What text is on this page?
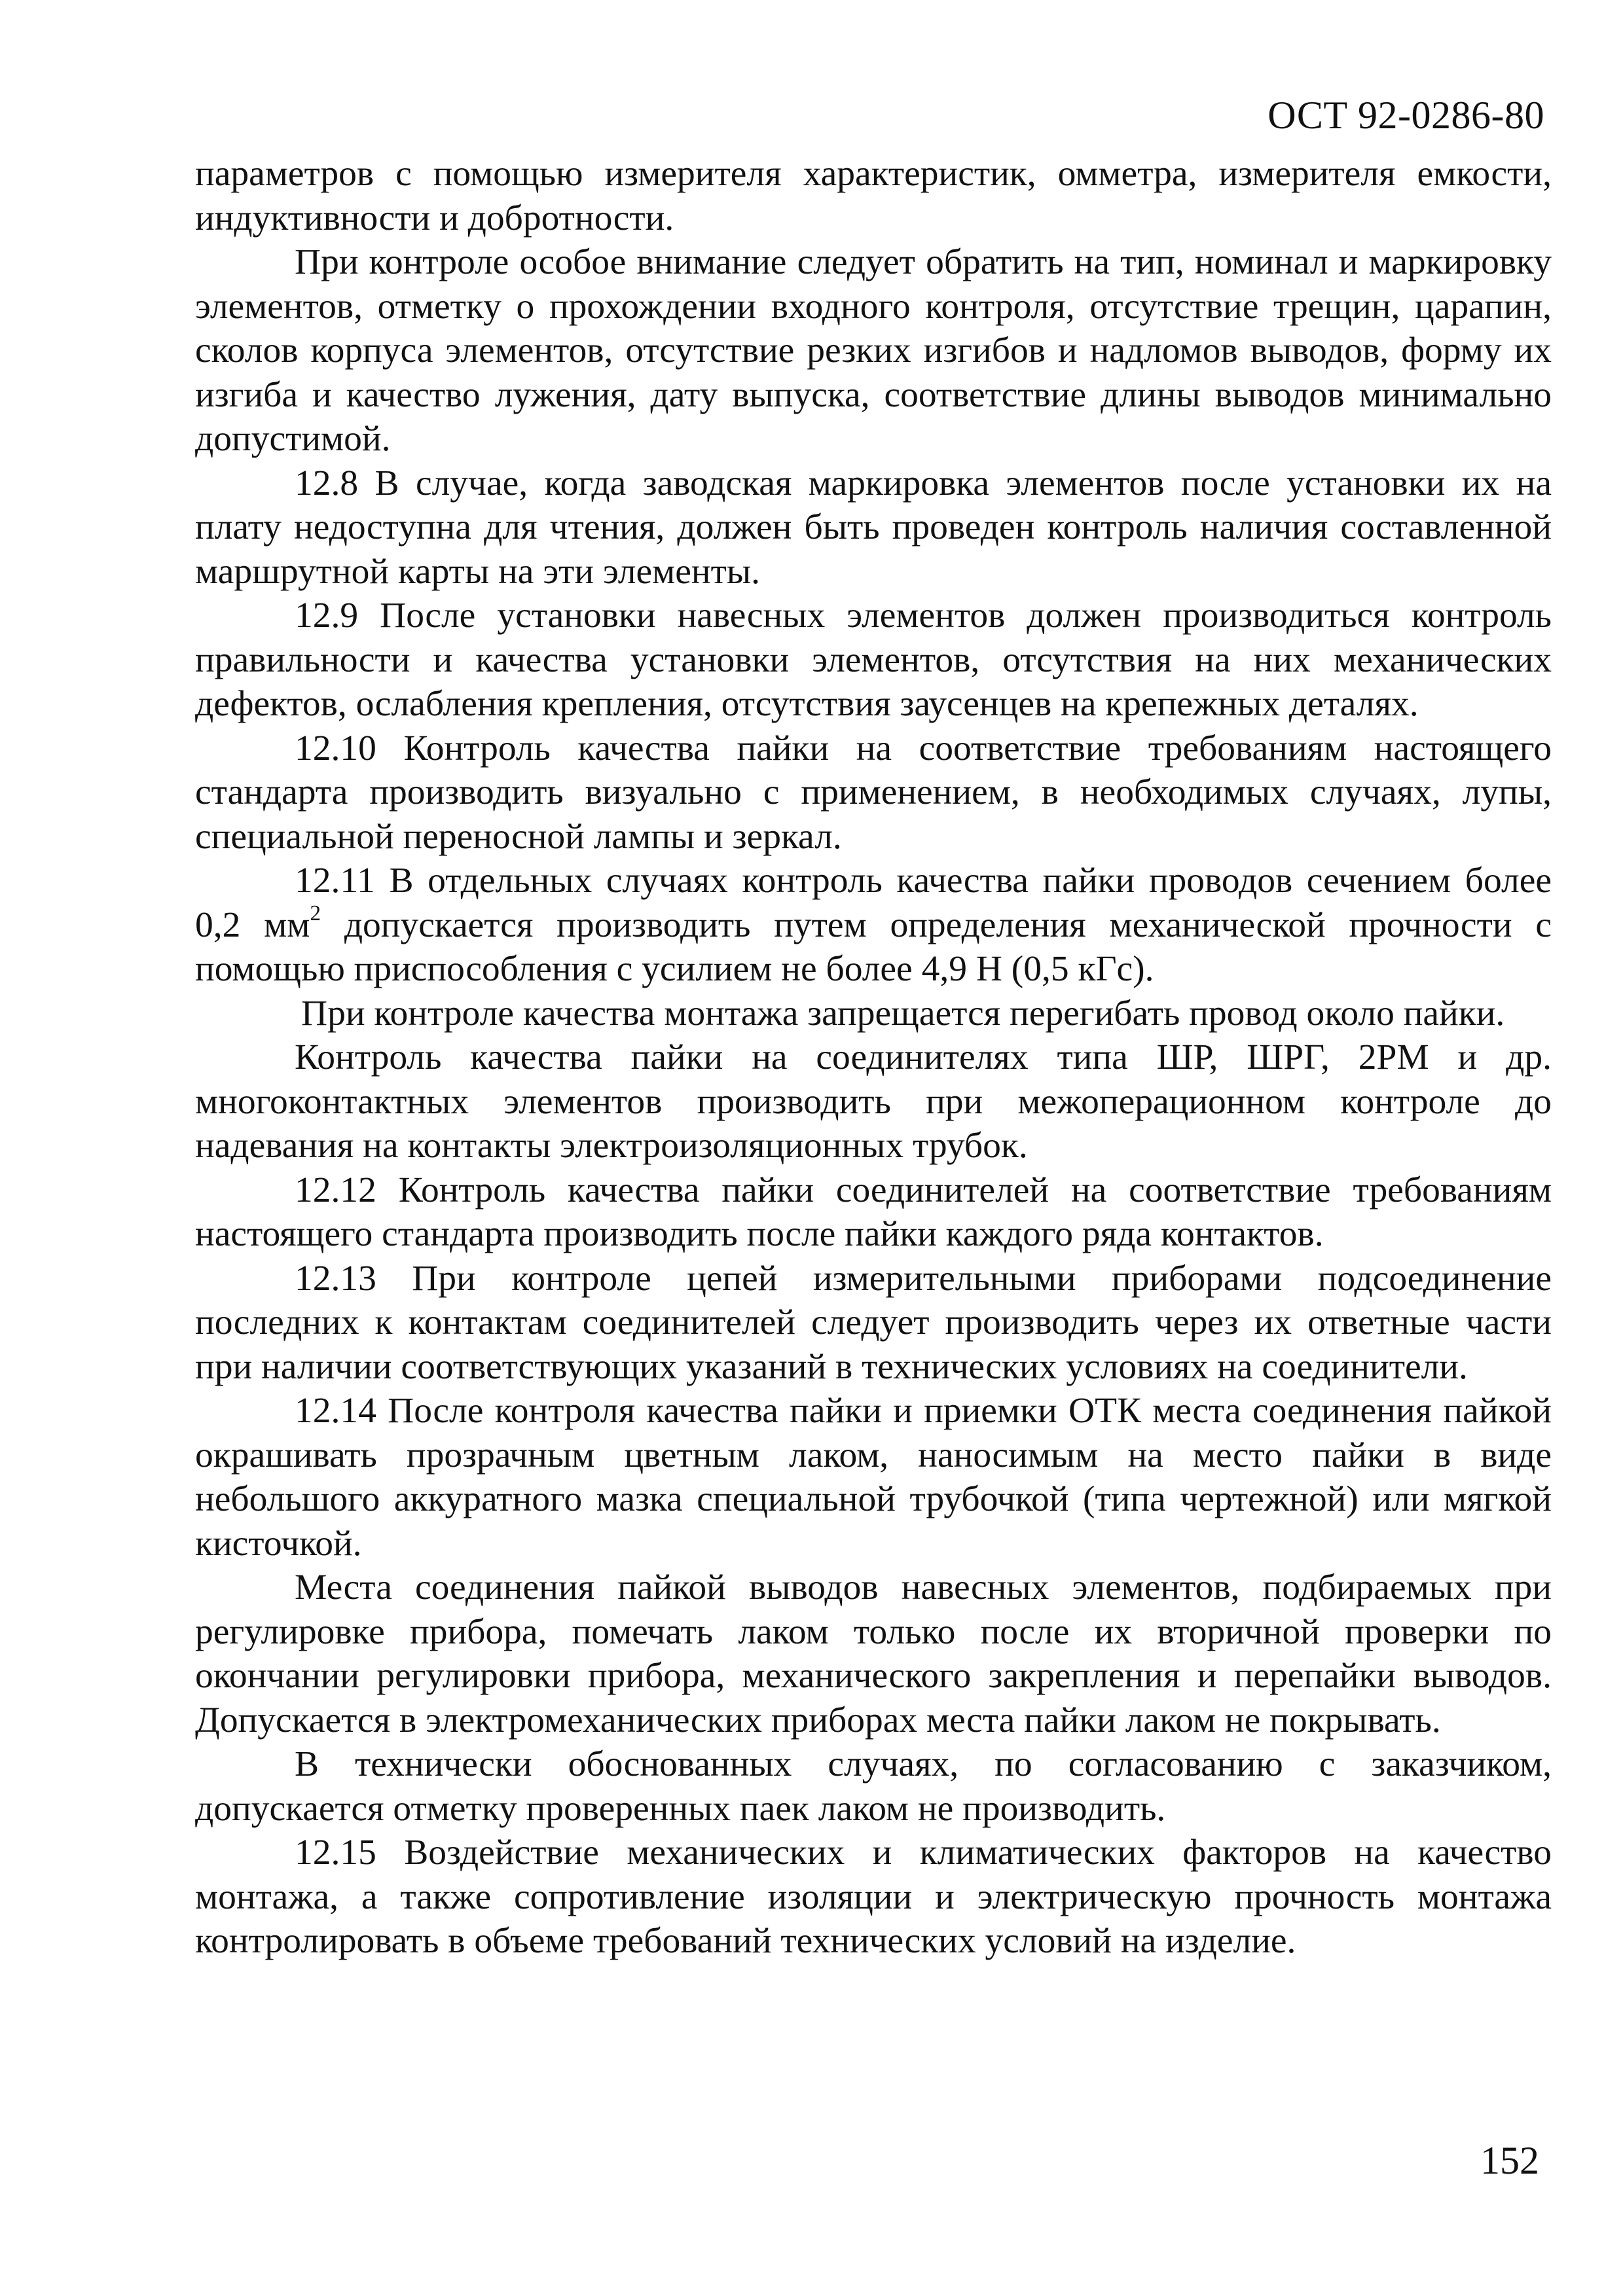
ОСТ 92-0286-80

параметров с помощью измерителя характеристик, омметра, измерителя емкости, индуктивности и добротности.

При контроле особое внимание следует обратить на тип, номинал и маркировку элементов, отметку о прохождении входного контроля, отсутствие трещин, царапин, сколов корпуса элементов, отсутствие резких изгибов и надломов выводов, форму их изгиба и качество лужения, дату выпуска, соответствие длины выводов минимально допустимой.

12.8 В случае, когда заводская маркировка элементов после установки их на плату недоступна для чтения, должен быть проведен контроль наличия составленной маршрутной карты на эти элементы.

12.9 После установки навесных элементов должен производиться контроль правильности и качества установки элементов, отсутствия на них механических дефектов, ослабления крепления, отсутствия заусенцев на крепежных деталях.

12.10 Контроль качества пайки на соответствие требованиям настоящего стандарта производить визуально с применением, в необходимых случаях, лупы, специальной переносной лампы и зеркал.

12.11 В отдельных случаях контроль качества пайки проводов сечением более 0,2 $мм^2$ допускается производить путем определения механической прочности с помощью приспособления с усилием не более 4,9 Н (0,5 кГс).

При контроле качества монтажа запрещается перегибать провод около пайки.

Контроль качества пайки на соединителях типа ШР, ШРГ, 2РМ и др. многоконтактных элементов производить при межоперационном контроле до надевания на контакты электроизоляционных трубок.

12.12 Контроль качества пайки соединителей на соответствие требованиям настоящего стандарта производить после пайки каждого ряда контактов.

12.13 При контроле цепей измерительными приборами подсоединение последних к контактам соединителей следует производить через их ответные части при наличии соответствующих указаний в технических условиях на соединители.

12.14 После контроля качества пайки и приемки ОТК места соединения пайкой окрашивать прозрачным цветным лаком, наносимым на место пайки в виде небольшого аккуратного мазка специальной трубочкой (типа чертежной) или мягкой кисточкой.

Места соединения пайкой выводов навесных элементов, подбираемых при регулировке прибора, помечать лаком только после их вторичной проверки по окончании регулировки прибора, механического закрепления и перепайки выводов. Допускается в электромеханических приборах места пайки лаком не покрывать.

В технически обоснованных случаях, по согласованию с заказчиком, допускается отметку проверенных паек лаком не производить.

12.15 Воздействие механических и климатических факторов на качество монтажа, а также сопротивление изоляции и электрическую прочность монтажа контролировать в объеме требований технических условий на изделие.

152
